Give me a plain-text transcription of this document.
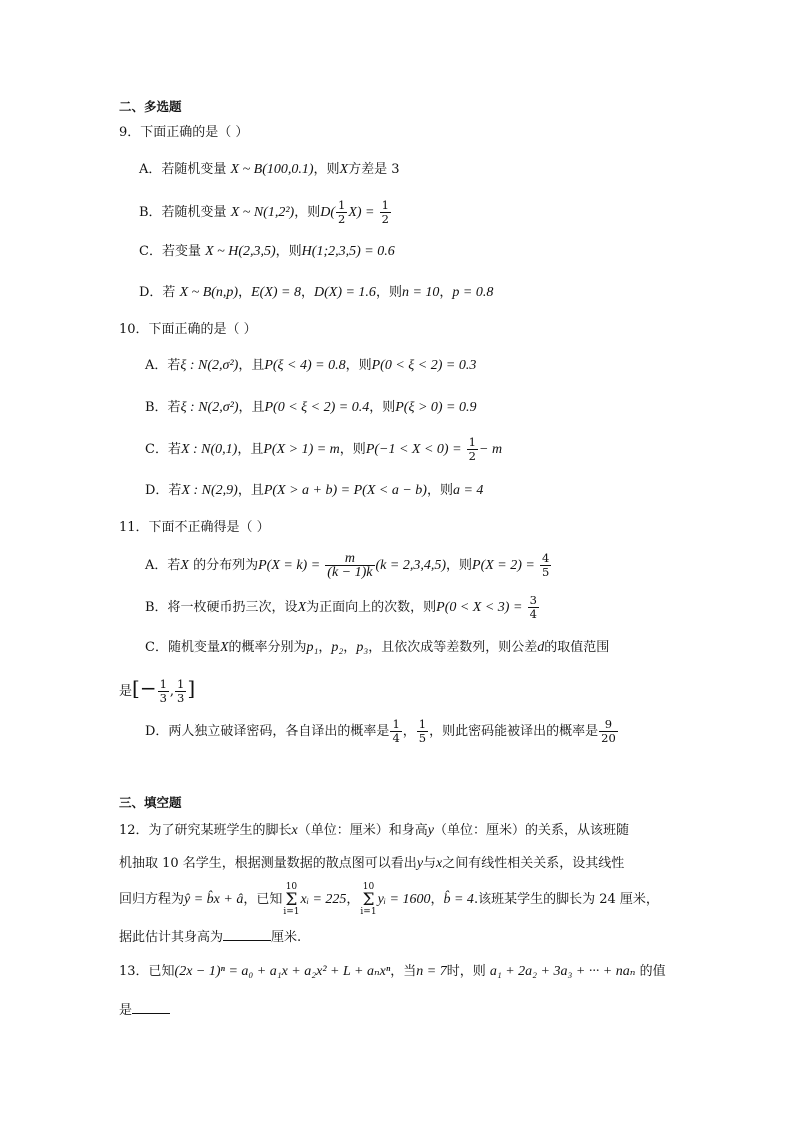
二、多选题
9．下面正确的是（ ）
A．若随机变量 X ~ B(100,0.1)，则X方差是 3
B．若随机变量 X ~ N(1,2²)，则$D( \frac{1}{2} X) = \frac{1}{2}$
C．若变量 X ~ H(2,3,5)，则H(1;2,3,5) = 0.6
D．若 X ~ B(n,p)，E(X) = 8，D(X) = 1.6，则n = 10，p = 0.8
10．下面正确的是（ ）
A．若ξ : N(2,σ²)，且P(ξ < 4) = 0.8，则P(0 < ξ < 2) = 0.3
B．若ξ : N(2,σ²)，且P(0 < ξ < 2) = 0.4，则P(ξ > 0) = 0.9
C．若X : N(0,1)，且P(X > 1) = m，则$P(-1 < X < 0) = \frac{1}{2} - m$
D．若X : N(2,9)，且P(X > a + b) = P(X < a − b)，则a = 4
11．下面不正确得是（ ）
A．若X 的分布列为$P(X = k) = \frac{m}{(k - 1)k} (k = 2,3,4,5)$，则$P(X = 2) = \frac{4}{5}$
B．将一枚硬币扔三次，设X为正面向上的次数，则$P(0 < X < 3) = \frac{3}{4}$
C．随机变量X的概率分别为p₁，p₂，p₃，且依次成等差数列，则公差d的取值范围
是[− $\frac{1}{3}$ , $\frac{1}{3}$ ]
D．两人独立破译密码，各自译出的概率是 $\frac{1}{4}$ ， $\frac{1}{5}$ ，则此密码能被译出的概率是 $\frac{9}{20}$
三、填空题
12．为了研究某班学生的脚长x（单位：厘米）和身高y（单位：厘米）的关系，从该班随
机抽取 10 名学生，根据测量数据的散点图可以看出y与x之间有线性相关关系，设其线性
回归方程为ŷ = b̂x + â，已知10
Σ
i=1xᵢ = 225，10
Σ
i=1yᵢ = 1600，b̂ = 4.该班某学生的脚长为 24 厘米，
据此估计其身高为	厘米.
13．已知(2x − 1)ⁿ = a₀ + a₁x + a₂x² + L + aₙxⁿ，当n = 7时，则 a₁ + 2a₂ + 3a₃ + ··· + naₙ 的值
是
